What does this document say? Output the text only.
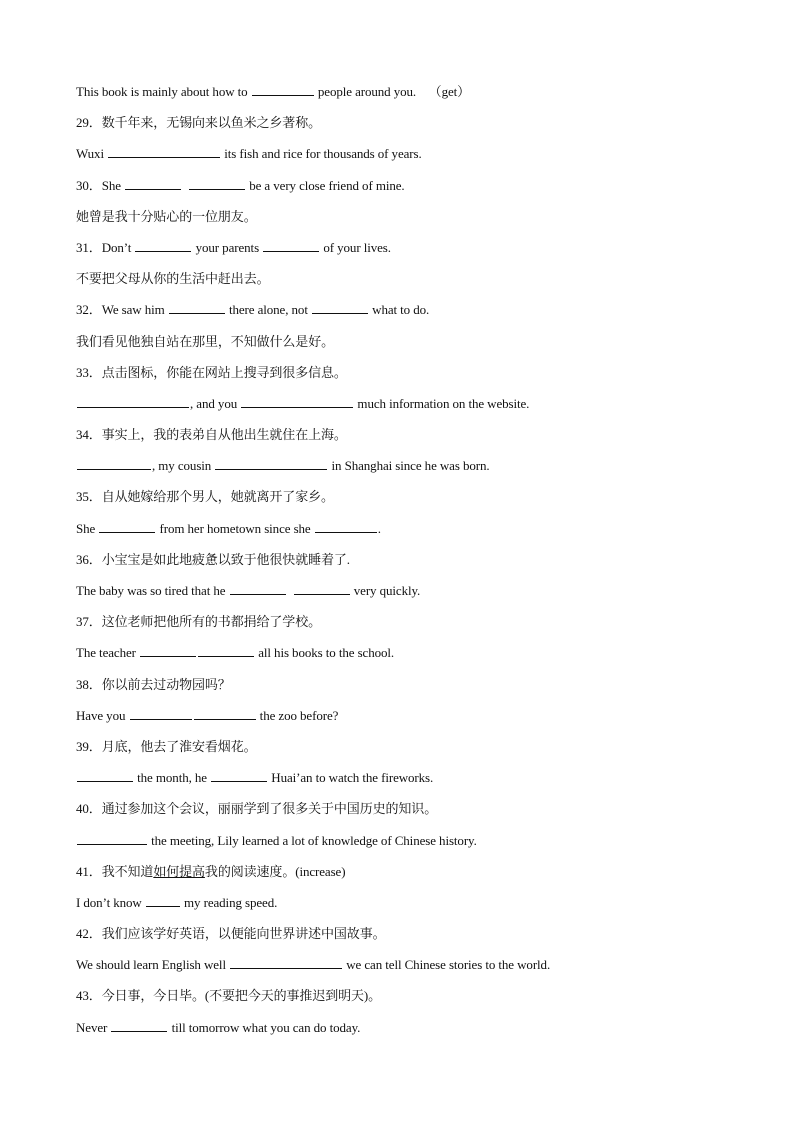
This book is mainly about how to	people around you.    （get）
29．数千年来，无锡向来以鱼米之乡著称。
Wuxi	its fish and rice for thousands of years.
30．She	be a very close friend of mine.
她曾是我十分贴心的一位朋友。
31．Don’t	your parents	of your lives.
不要把父母从你的生活中赶出去。
32．We saw him	there alone, not	what to do.
我们看见他独自站在那里，不知做什么是好。
33．点击图标，你能在网站上搜寻到很多信息。
, and you	much information on the website.
34．事实上，我的表弟自从他出生就住在上海。
, my cousin	in Shanghai since he was born.
35．自从她嫁给那个男人，她就离开了家乡。
She	from her hometown since she	.
36．小宝宝是如此地疲惫以致于他很快就睡着了.
The baby was so tired that he	very quickly.
37．这位老师把他所有的书都捐给了学校。
The teacher	all his books to the school.
38．你以前去过动物园吗？
Have you	the zoo before?
39．月底，他去了淮安看烟花。
the month, he	Huai’an to watch the fireworks.
40．通过参加这个会议，丽丽学到了很多关于中国历史的知识。
the meeting, Lily learned a lot of knowledge of Chinese history.
41．我不知道如何提高我的阅读速度。(increase)
I don’t know	my reading speed.
42．我们应该学好英语，以便能向世界讲述中国故事。
We should learn English well	we can tell Chinese stories to the world.
43．今日事，今日毕。(不要把今天的事推迟到明天)。
Never	till tomorrow what you can do today.
